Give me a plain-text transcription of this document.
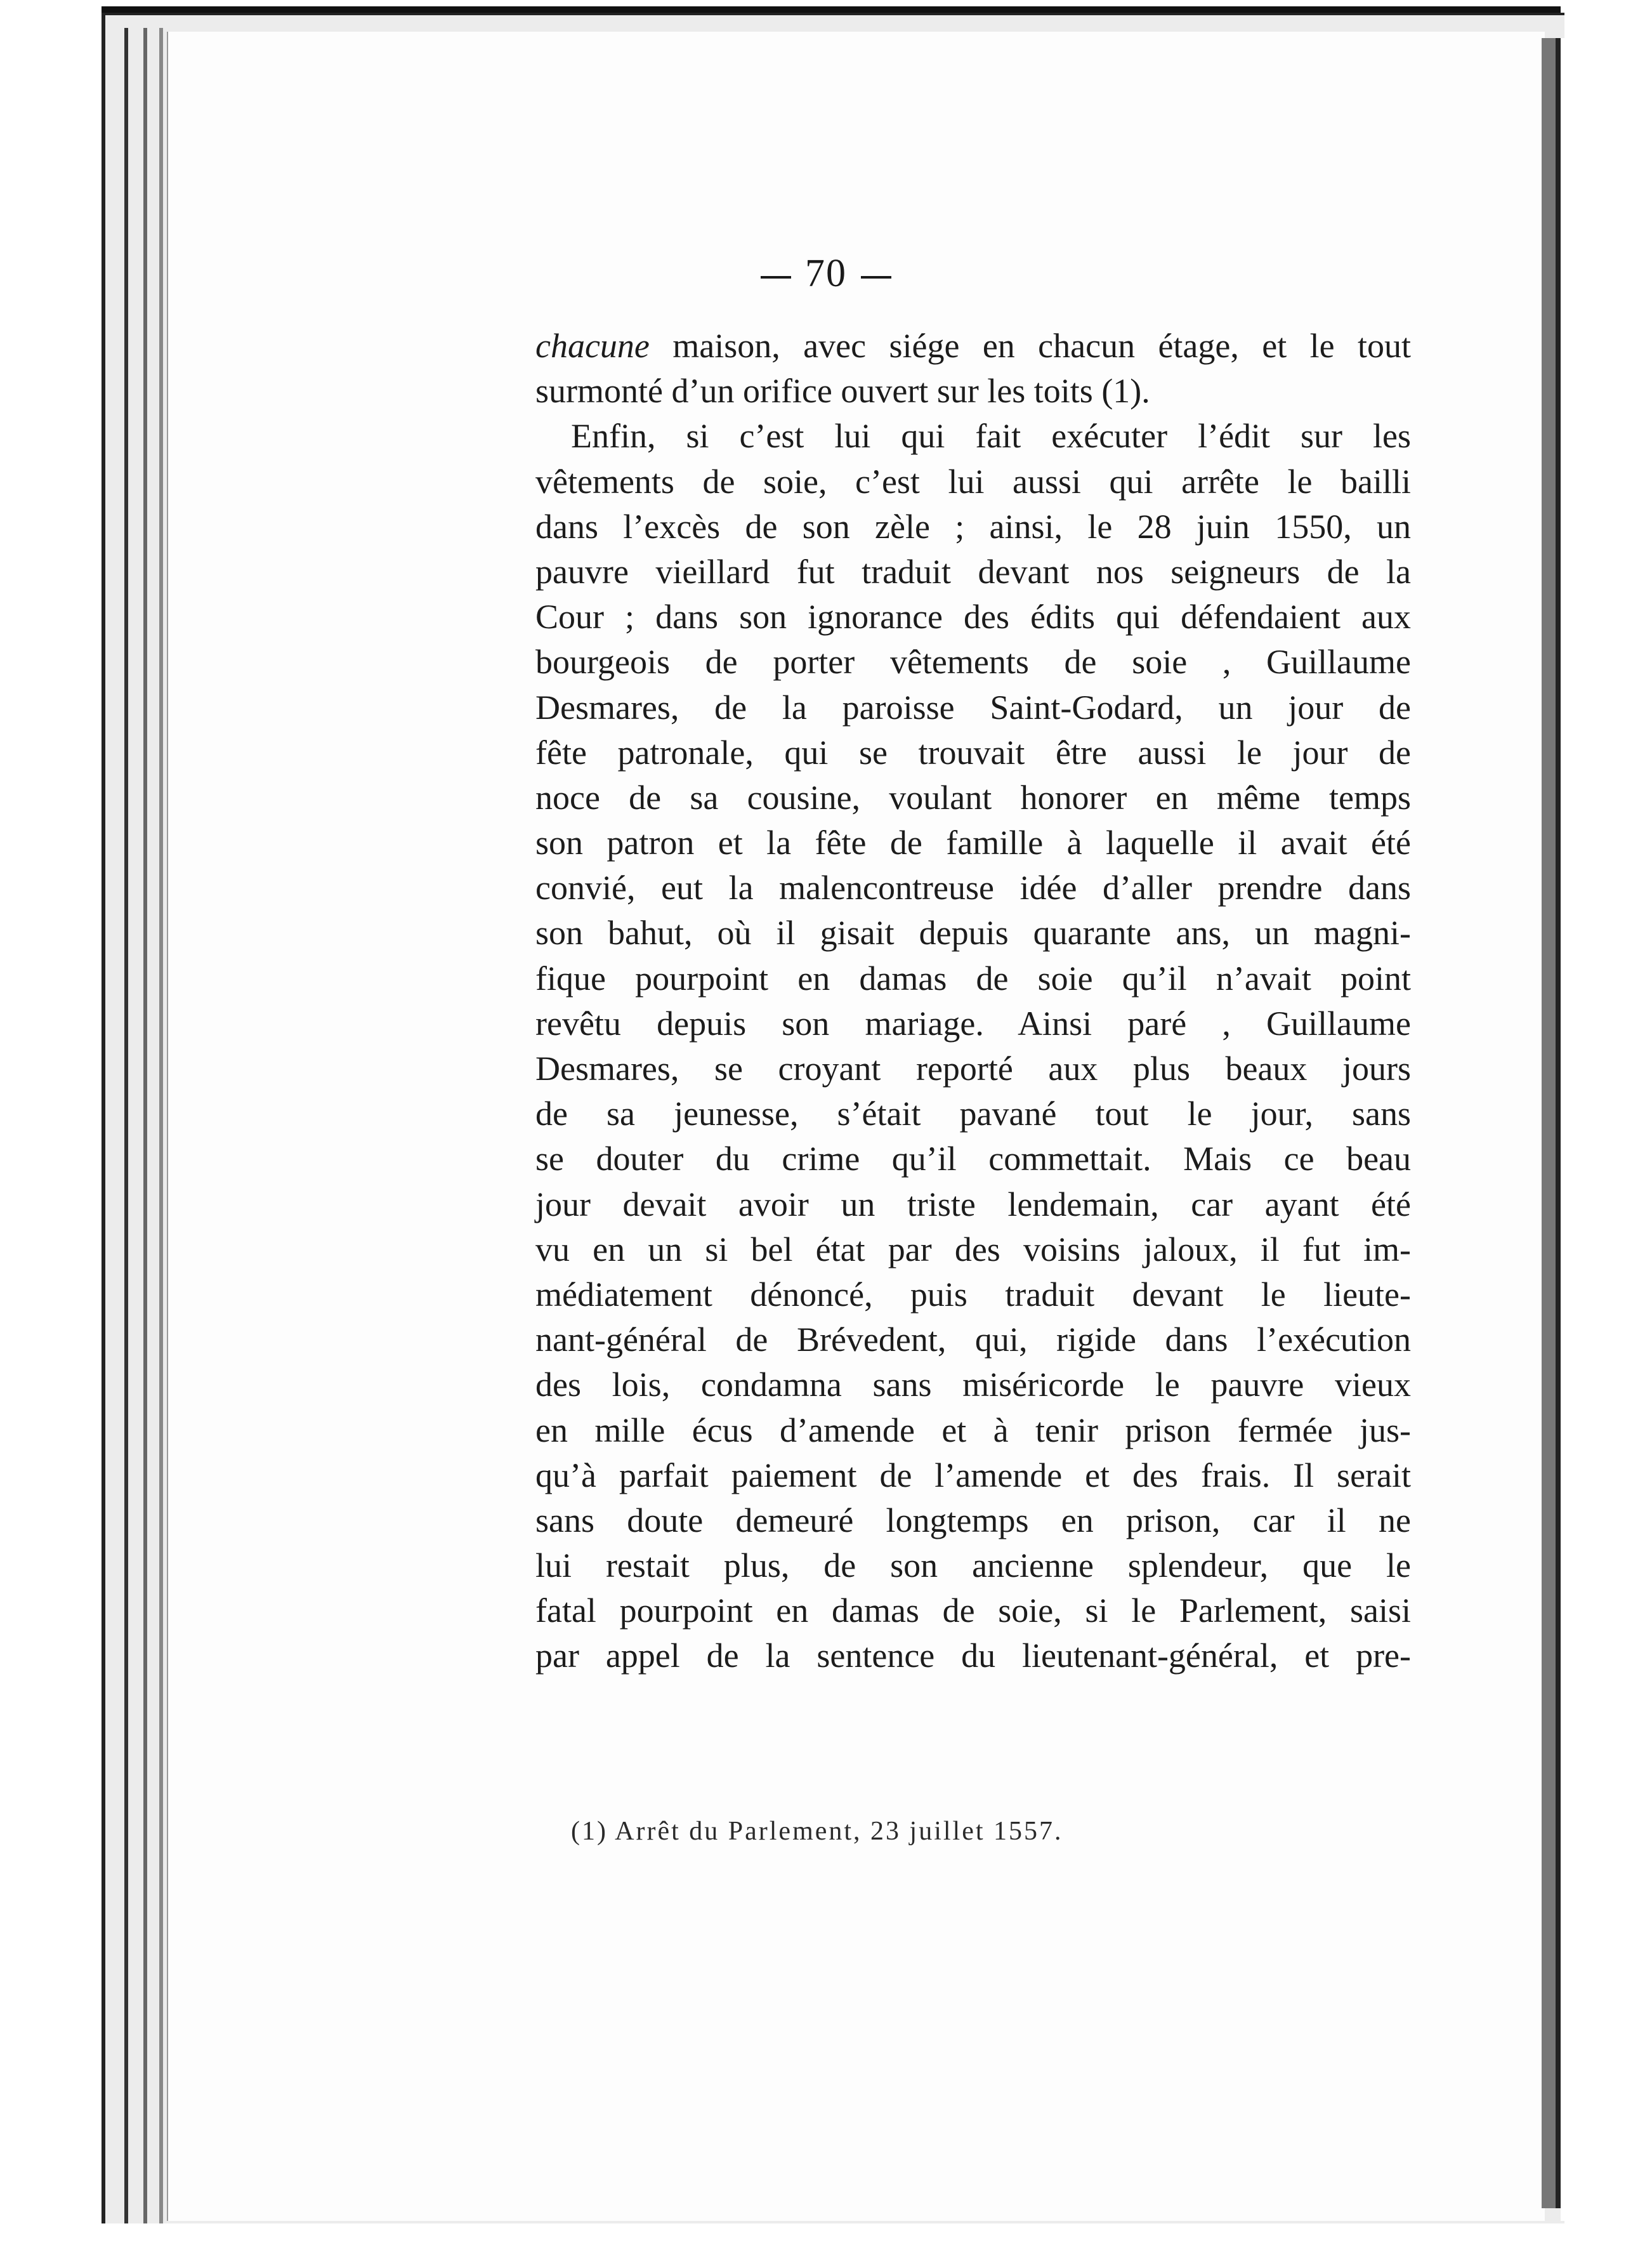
70
chacune maison, avec siége en chacun étage, et le tout
surmonté d’un orifice ouvert sur les toits (1).
Enfin, si c’est lui qui fait exécuter l’édit sur les
vêtements de soie, c’est lui aussi qui arrête le bailli
dans l’excès de son zèle ; ainsi, le 28 juin 1550, un
pauvre vieillard fut traduit devant nos seigneurs de la
Cour ; dans son ignorance des édits qui défendaient aux
bourgeois de porter vêtements de soie , Guillaume
Desmares, de la paroisse Saint-Godard, un jour de
fête patronale, qui se trouvait être aussi le jour de
noce de sa cousine, voulant honorer en même temps
son patron et la fête de famille à laquelle il avait été
convié, eut la malencontreuse idée d’aller prendre dans
son bahut, où il gisait depuis quarante ans, un magni-
fique pourpoint en damas de soie qu’il n’avait point
revêtu depuis son mariage. Ainsi paré , Guillaume
Desmares, se croyant reporté aux plus beaux jours
de sa jeunesse, s’était pavané tout le jour, sans
se douter du crime qu’il commettait. Mais ce beau
jour devait avoir un triste lendemain, car ayant été
vu en un si bel état par des voisins jaloux, il fut im-
médiatement dénoncé, puis traduit devant le lieute-
nant-général de Brévedent, qui, rigide dans l’exécution
des lois, condamna sans miséricorde le pauvre vieux
en mille écus d’amende et à tenir prison fermée jus-
qu’à parfait paiement de l’amende et des frais. Il serait
sans doute demeuré longtemps en prison, car il ne
lui restait plus, de son ancienne splendeur, que le
fatal pourpoint en damas de soie, si le Parlement, saisi
par appel de la sentence du lieutenant-général, et pre-
(1) Arrêt du Parlement, 23 juillet 1557.
